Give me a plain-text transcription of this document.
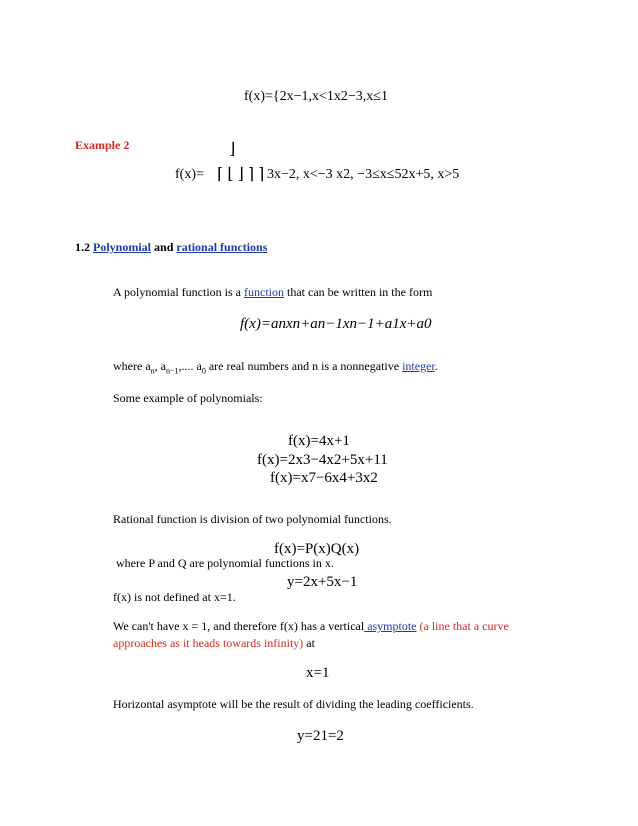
f(x)={2x−1,x<1x2−3,x≤1
Example 2	⌋
f(x)= ⌈ ⌊ ⌋ ⌉ ⌉ 3x−2, x<−3 x2, −3≤x≤52x+5, x>5
1.2 Polynomial and rational functions
A polynomial function is a function that can be written in the form
f(x)=anxn+an−1xn−1+a1x+a0
where $a_n$, $a_{n-1}$,.... $a_0$ are real numbers and n is a nonnegative integer.
Some example of polynomials:
f(x)=4x+1
f(x)=2x3−4x2+5x+11
f(x)=x7−6x4+3x2
Rational function is division of two polynomial functions.
f(x)=P(x)Q(x)
where P and Q are polynomial functions in x.
y=2x+5x−1
f(x) is not defined at x=1.
We can't have x = 1, and therefore f(x) has a vertical asymptote (a line that a curve
approaches as it heads towards infinity) at
x=1
Horizontal asymptote will be the result of dividing the leading coefficients.
y=21=2
